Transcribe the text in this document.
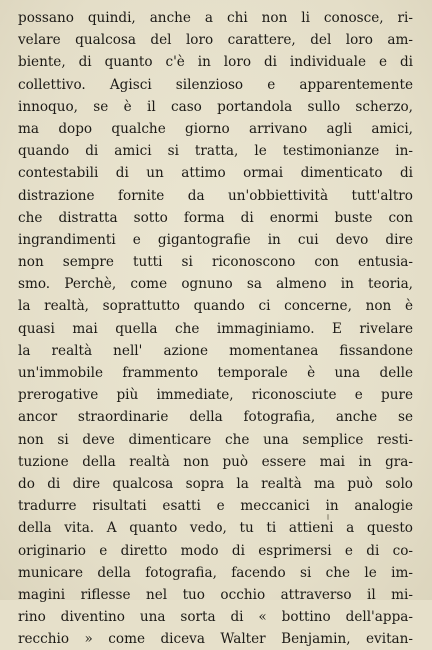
possano quindi, anche a chi non li conosce, ri-
velare qualcosa del loro carattere, del loro am-
biente, di quanto c'è in loro di individuale e di
collettivo. Agisci silenzioso e apparentemente
innoquo, se è il caso portandola sullo scherzo,
ma dopo qualche giorno arrivano agli amici,
quando di amici si tratta, le testimonianze in-
contestabili di un attimo ormai dimenticato di
distrazione fornite da un'obbiettività tutt'altro
che distratta sotto forma di enormi buste con
ingrandimenti e gigantografie in cui devo dire
non sempre tutti si riconoscono con entusia-
smo. Perchè, come ognuno sa almeno in teoria,
la realtà, soprattutto quando ci concerne, non è
quasi mai quella che immaginiamo. E rivelare
la realtà nell' azione momentanea fissandone
un'immobile frammento temporale è una delle
prerogative più immediate, riconosciute e pure
ancor straordinarie della fotografia, anche se
non si deve dimenticare che una semplice resti-
tuzione della realtà non può essere mai in gra-
do di dire qualcosa sopra la realtà ma può solo
tradurre risultati esatti e meccanici in analogie
della vita. A quanto vedo, tu ti attieni a questo
originario e diretto modo di esprimersi e di co-
municare della fotografia, facendo si che le im-
magini riflesse nel tuo occhio attraverso il mi-
rino diventino una sorta di « bottino dell'appa-
recchio » come diceva Walter Benjamin, evitan-
